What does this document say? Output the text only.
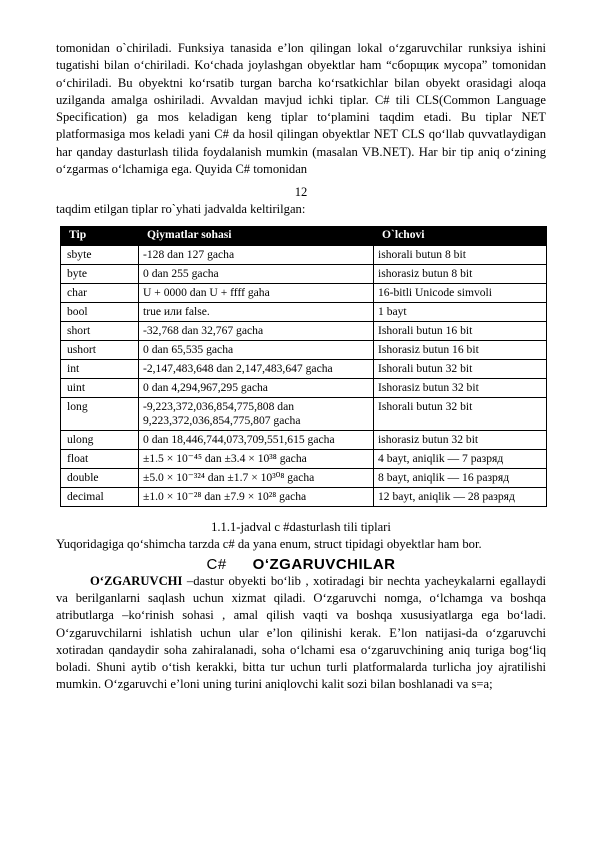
tomonidan o`chiriladi. Funksiya tanasida e’lon qilingan lokal o‘zgaruvchilar runksiya ishini tugatishi bilan o‘chiriladi. Ko‘chada joylashgan obyektlar ham “сборщик мусора” tomonidan o‘chiriladi. Bu obyektni ko‘rsatib turgan barcha ko‘rsatkichlar bilan obyekt orasidagi aloqa uzilganda amalga oshiriladi. Avvaldan mavjud ichki tiplar. C# tili CLS(Common Language Specification) ga mos keladigan keng tiplar to‘plamini taqdim etadi. Bu tiplar NET platformasiga mos keladi yani C# da hosil qilingan obyektlar NET CLS qo‘llab quvvatlaydigan har qanday dasturlash tilida foydalanish mumkin (masalan VB.NET). Har bir tip aniq o‘zining o‘zgarmas o‘lchamiga ega. Quyida C# tomonidan

12
taqdim etilgan tiplar ro`yhati jadvalda keltirilgan:
Tip	Qiymatlar sohasi	O`lchovi
sbyte	-128 dan 127 gacha	ishorali butun 8 bit
byte	0 dan 255 gacha	ishorasiz butun 8 bit
char	U + 0000 dan U + ffff gaha	16-bitli Unicode simvoli
bool	true или false.	1 bayt
short	-32,768 dan 32,767 gacha	Ishorali butun 16 bit
ushort	0 dan 65,535 gacha	Ishorasiz butun 16 bit
int	-2,147,483,648 dan 2,147,483,647 gacha	Ishorali butun 32 bit
uint	0 dan 4,294,967,295 gacha	Ishorasiz butun 32 bit
long	-9,223,372,036,854,775,808 dan 9,223,372,036,854,775,807 gacha	Ishorali butun 32 bit
ulong	0 dan 18,446,744,073,709,551,615 gacha	ishorasiz butun 32 bit
float	±1.5 × 10⁻⁴⁵ dan ±3.4 × 10³⁸ gacha	4 bayt, aniqlik — 7 разряд
double	±5.0 × 10⁻³²⁴ dan ±1.7 × 10³⁰⁸ gacha	8 bayt, aniqlik — 16 разряд
decimal	±1.0 × 10⁻²⁸ dan ±7.9 × 10²⁸ gacha	12 bayt, aniqlik — 28 разряд
1.1.1-jadval c #dasturlash tili tiplari

Yuqoridagiga qo‘shimcha tarzda c# da yana enum, struct tipidagi obyektlar ham bor.

C# O‘ZGARUVCHILAR

O‘ZGARUVCHI –dastur obyekti bo‘lib , xotiradagi bir nechta yacheykalarni egallaydi va berilganlarni saqlash uchun xizmat qiladi. O‘zgaruvchi nomga, o‘lchamga va boshqa atributlarga –ko‘rinish sohasi , amal qilish vaqti va boshqa xususiyatlarga ega bo‘ladi. O‘zgaruvchilarni ishlatish uchun ular e’lon qilinishi kerak. E’lon natijasi-da o‘zgaruvchi xotiradan qandaydir soha zahiralanadi, soha o‘lchami esa o‘zgaruvchining aniq turiga bog‘liq boladi. Shuni aytib o‘tish kerakki, bitta tur uchun turli platformalarda turlicha joy ajratilishi mumkin. O‘zgaruvchi e’loni uning turini aniqlovchi kalit sozi bilan boshlanadi va s=a;
